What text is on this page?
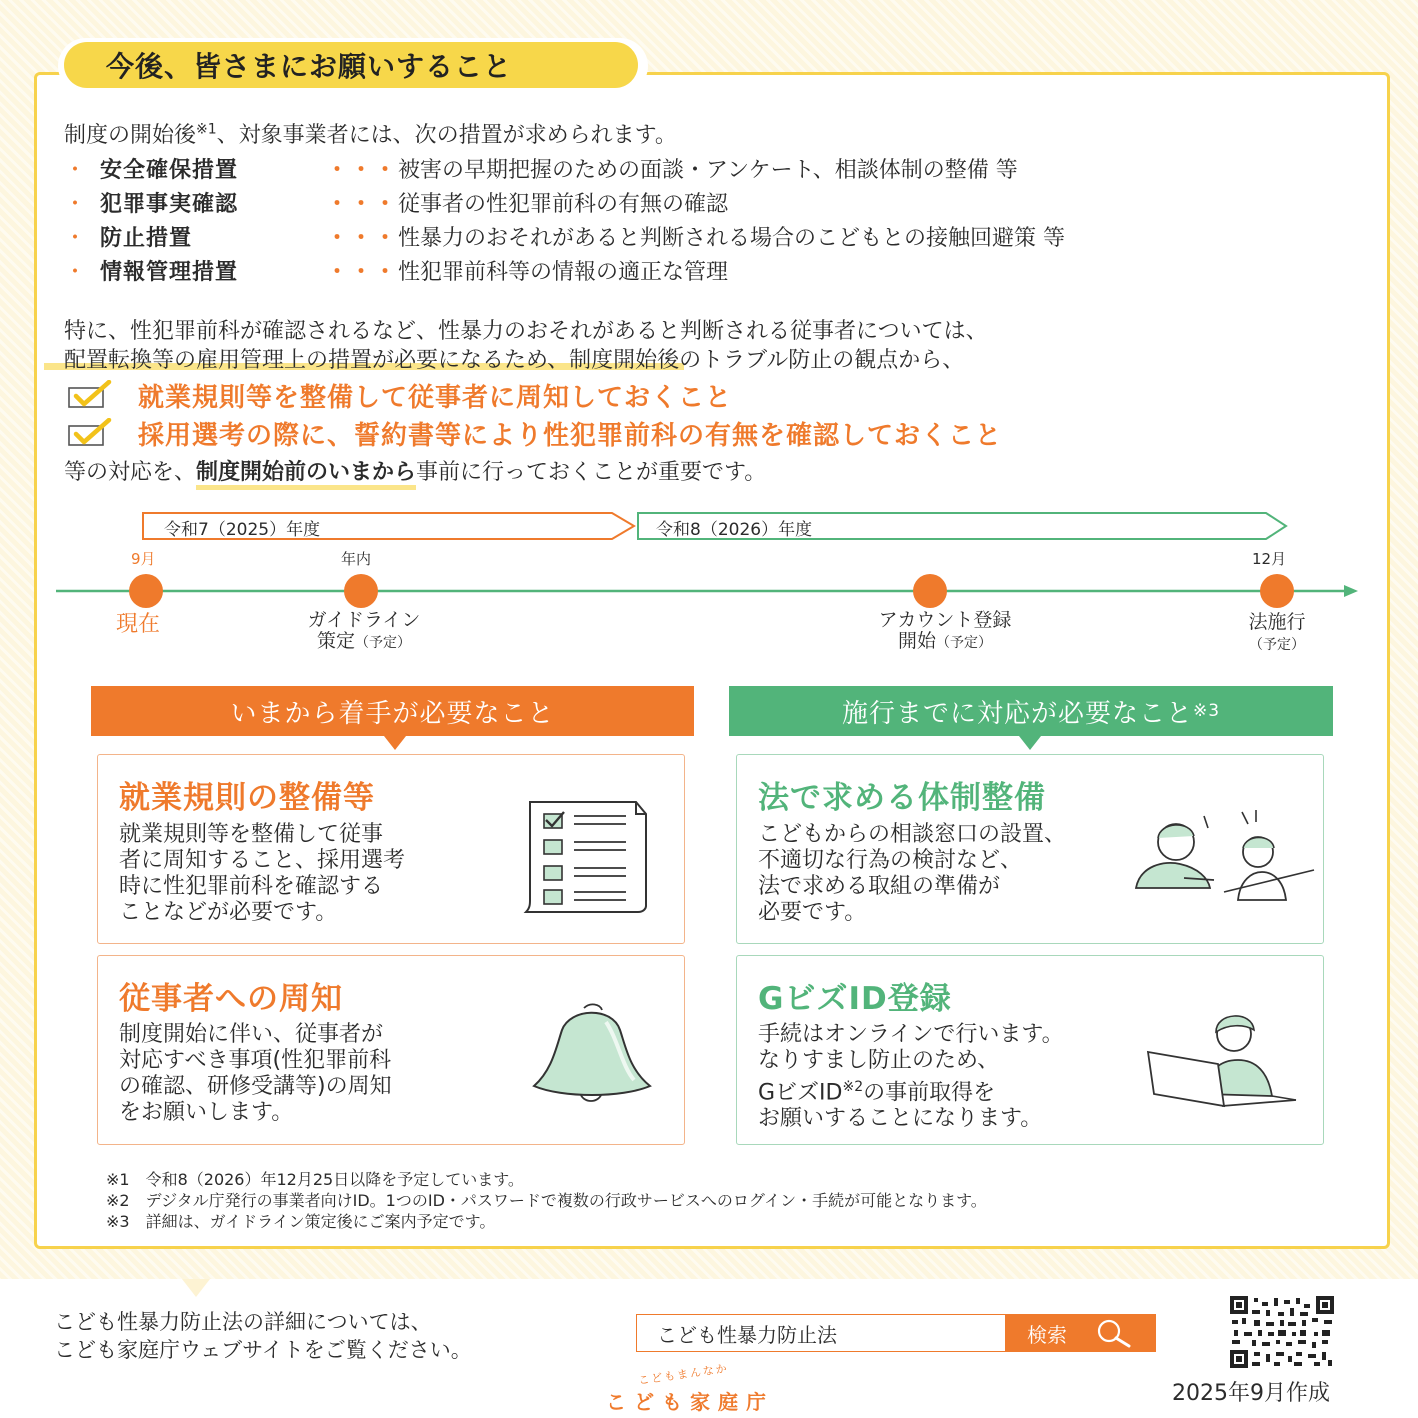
今後、皆さまにお願いすること
制度の開始後$^{※1}$、対象事業者には、次の措置が求められます。
・ 安全確保措置	・・・ 被害の早期把握のための面談・アンケート、相談体制の整備 等
・ 犯罪事実確認	・・・ 従事者の性犯罪前科の有無の確認
・ 防止措置	・・・ 性暴力のおそれがあると判断される場合のこどもとの接触回避策 等
・ 情報管理措置	・・・ 性犯罪前科等の情報の適正な管理
特に、性犯罪前科が確認されるなど、性暴力のおそれがあると判断される従事者については、
配置転換等の雇用管理上の措置が必要になるため、制度開始後のトラブル防止の観点から、
就業規則等を整備して従事者に周知しておくこと
採用選考の際に、誓約書等により性犯罪前科の有無を確認しておくこと
等の対応を、制度開始前のいまから事前に行っておくことが重要です。
令和7（2025）年度	令和8（2026）年度
9月	年内	12月
現在	ガイドライン
策定（予定）
アカウント登録
開始（予定）
法施行
（予定）
いまから着手が必要なこと	施行までに対応が必要なこと ※3
就業規則の整備等
就業規則等を整備して従事
者に周知すること、採用選考
時に性犯罪前科を確認する
ことなどが必要です。
従事者への周知
制度開始に伴い、従事者が
対応すべき事項(性犯罪前科
の確認、研修受講等)の周知
をお願いします。
法で求める体制整備
こどもからの相談窓口の設置、
不適切な行為の検討など、
法で求める取組の準備が
必要です。
GビズID登録
手続はオンラインで行います。
なりすまし防止のため、
GビズID$^{※2}$の事前取得を
お願いすることになります。
※1　令和8（2026）年12月25日以降を予定しています。
※2　デジタル庁発行の事業者向けID。1つのID・パスワードで複数の行政サービスへのログイン・手続が可能となります。
※3　詳細は、ガイドライン策定後にご案内予定です。
こども性暴力防止法の詳細については、
こども家庭庁ウェブサイトをご覧ください。
こども性暴力防止法	検索
こどもまんなか
こども家庭庁	2025年9月作成
